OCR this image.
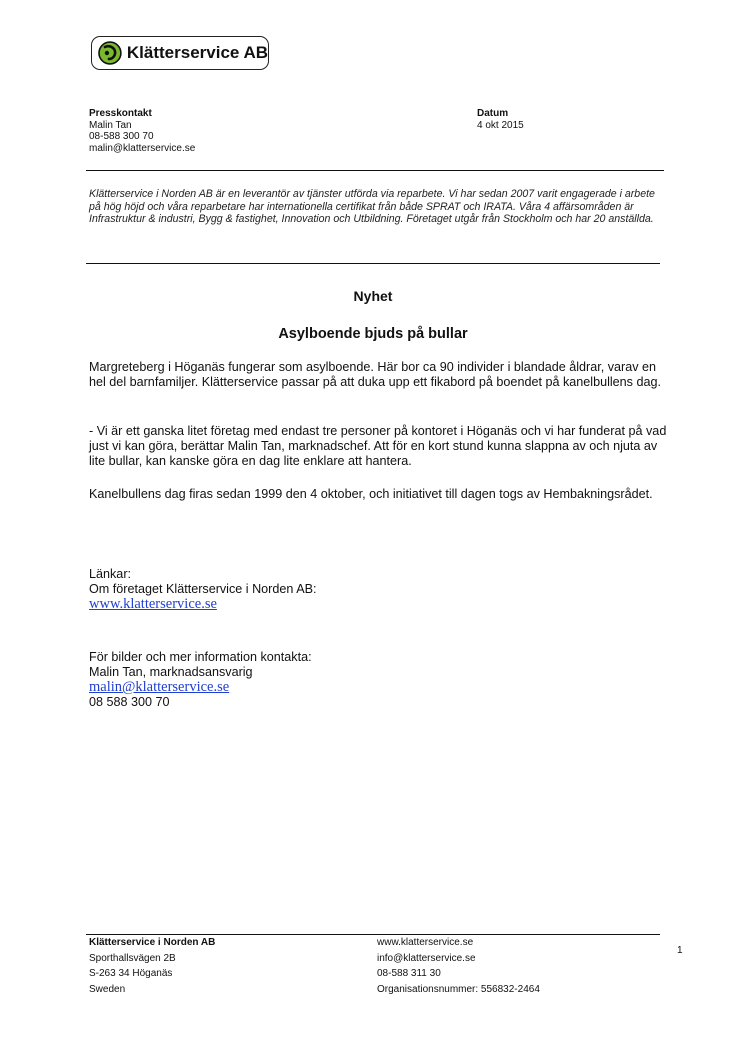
Klätterservice AB
Presskontakt
Malin Tan
08-588 300 70
malin@klatterservice.se
Datum
4 okt 2015
Klätterservice i Norden AB är en leverantör av tjänster utförda via reparbete. Vi har sedan 2007 varit engagerade i arbete på hög höjd och våra reparbetare har internationella certifikat från både SPRAT och IRATA. Våra 4 affärsområden är Infrastruktur & industri, Bygg & fastighet, Innovation och Utbildning. Företaget utgår från Stockholm och har 20 anställda.
Nyhet
Asylboende bjuds på bullar
Margreteberg i Höganäs fungerar som asylboende. Här bor ca 90 individer i blandade åldrar, varav en hel del barnfamiljer. Klätterservice passar på att duka upp ett fikabord på boendet på kanelbullens dag.
- Vi är ett ganska litet företag med endast tre personer på kontoret i Höganäs och vi har funderat på vad just vi kan göra, berättar Malin Tan, marknadschef. Att för en kort stund kunna slappna av och njuta av lite bullar, kan kanske göra en dag lite enklare att hantera.
Kanelbullens dag firas sedan 1999 den 4 oktober, och initiativet till dagen togs av Hembakningsrådet.
Länkar:
Om företaget Klätterservice i Norden AB:
www.klatterservice.se
För bilder och mer information kontakta:
Malin Tan, marknadsansvarig
malin@klatterservice.se
08 588 300 70
Klätterservice i Norden AB
Sporthallsvägen 2B
S-263 34 Höganäs
Sweden
www.klatterservice.se
info@klatterservice.se
08-588 311 30
Organisationsnummer: 556832-2464
1
